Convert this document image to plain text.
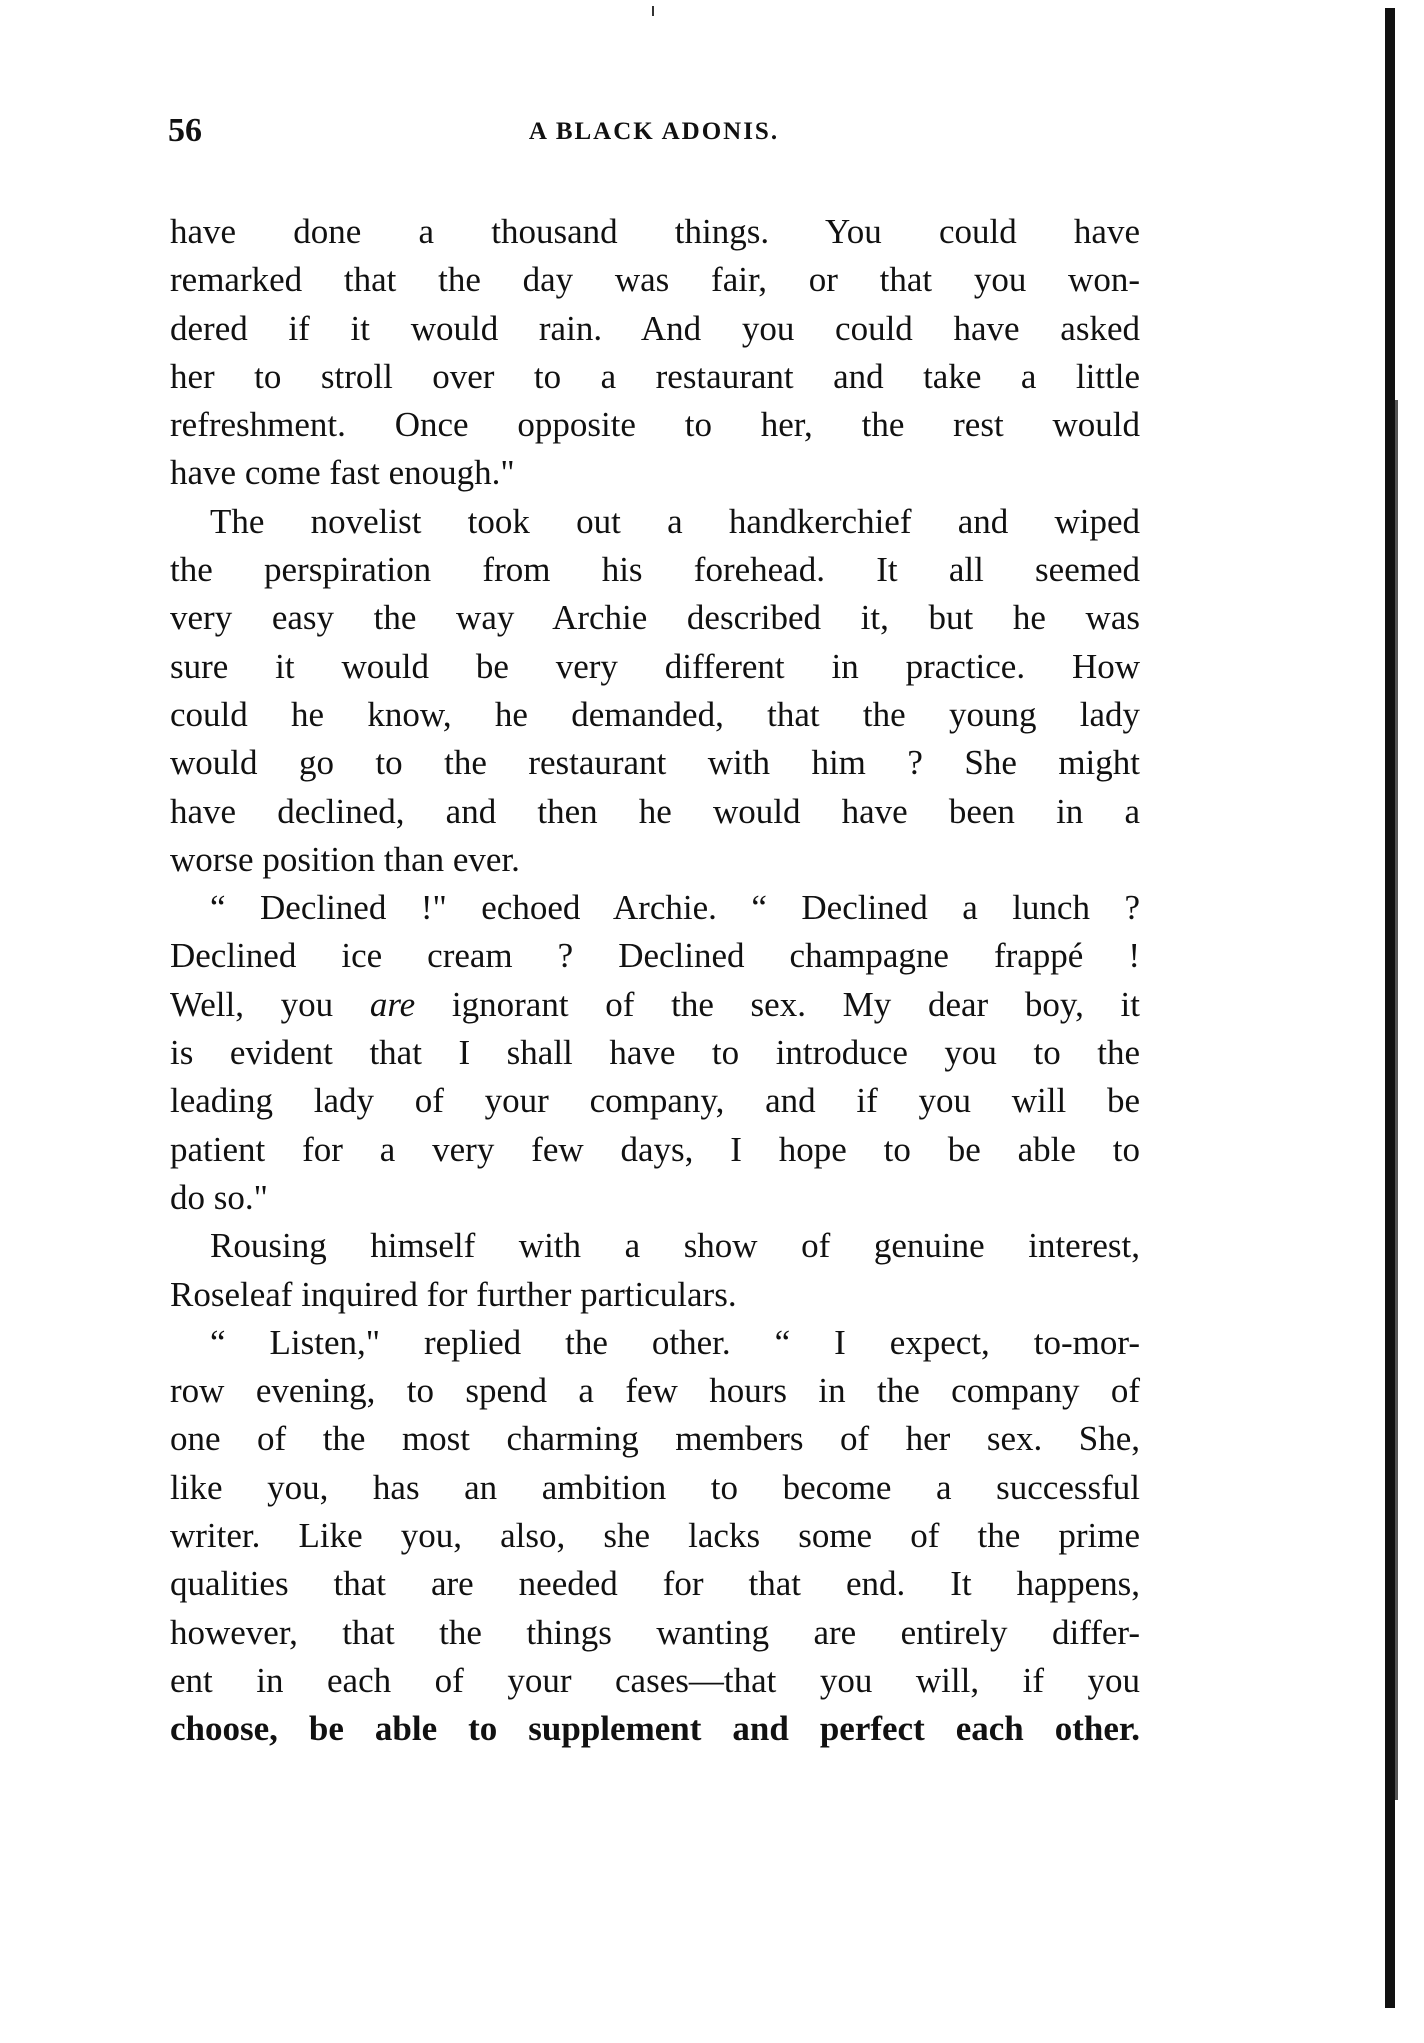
56	A BLACK ADONIS.
have done a thousand things. You could have
remarked that the day was fair, or that you won-
dered if it would rain. And you could have asked
her to stroll over to a restaurant and take a little
refreshment. Once opposite to her, the rest would
have come fast enough."
The novelist took out a handkerchief and wiped
the perspiration from his forehead. It all seemed
very easy the way Archie described it, but he was
sure it would be very different in practice. How
could he know, he demanded, that the young lady
would go to the restaurant with him ? She might
have declined, and then he would have been in a
worse position than ever.
“ Declined !" echoed Archie. “ Declined a lunch ?
Declined ice cream ? Declined champagne frappé !
Well, you are ignorant of the sex. My dear boy, it
is evident that I shall have to introduce you to the
leading lady of your company, and if you will be
patient for a very few days, I hope to be able to
do so."
Rousing himself with a show of genuine interest,
Roseleaf inquired for further particulars.
“ Listen," replied the other. “ I expect, to-mor-
row evening, to spend a few hours in the company of
one of the most charming members of her sex. She,
like you, has an ambition to become a successful
writer. Like you, also, she lacks some of the prime
qualities that are needed for that end. It happens,
however, that the things wanting are entirely differ-
ent in each of your cases—that you will, if you
choose, be able to supplement and perfect each other.
